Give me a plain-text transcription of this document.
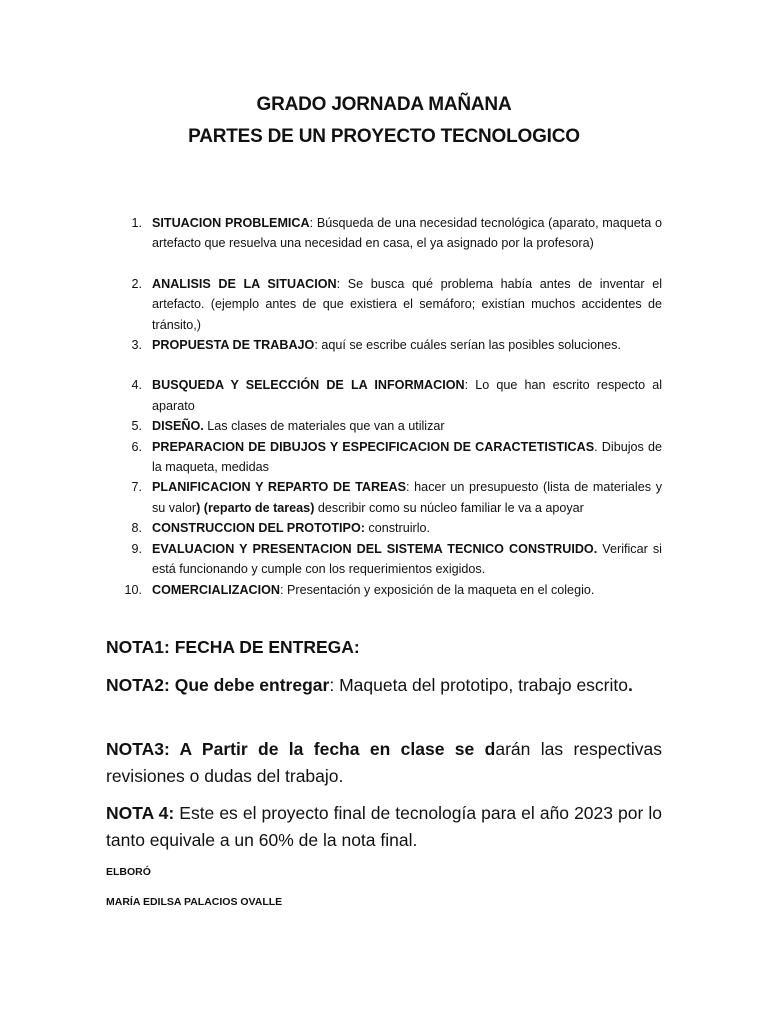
GRADO JORNADA MAÑANA
PARTES DE UN PROYECTO TECNOLOGICO
1. SITUACION PROBLEMICA: Búsqueda de una necesidad tecnológica (aparato, maqueta o artefacto que resuelva una necesidad en casa, el ya asignado por la profesora)
2. ANALISIS DE LA SITUACION: Se busca qué problema había antes de inventar el artefacto. (ejemplo antes de que existiera el semáforo; existían muchos accidentes de tránsito,)
3. PROPUESTA DE TRABAJO: aquí se escribe cuáles serían las posibles soluciones.
4. BUSQUEDA Y SELECCIÓN DE LA INFORMACION: Lo que han escrito respecto al aparato
5. DISEÑO. Las clases de materiales que van a utilizar
6. PREPARACION DE DIBUJOS Y ESPECIFICACION DE CARACTETISTICAS. Dibujos de la maqueta, medidas
7. PLANIFICACION Y REPARTO DE TAREAS: hacer un presupuesto (lista de materiales y su valor) (reparto de tareas) describir como su núcleo familiar le va a apoyar
8. CONSTRUCCION DEL PROTOTIPO: construirlo.
9. EVALUACION Y PRESENTACION DEL SISTEMA TECNICO CONSTRUIDO. Verificar si está funcionando y cumple con los requerimientos exigidos.
10. COMERCIALIZACION: Presentación y exposición de la maqueta en el colegio.
NOTA1: FECHA DE ENTREGA:
NOTA2: Que debe entregar: Maqueta del prototipo, trabajo escrito.
NOTA3: A Partir de la fecha en clase se darán las respectivas revisiones o dudas del trabajo.
NOTA 4: Este es el proyecto final de tecnología para el año 2023 por lo tanto equivale a un 60% de la nota final.
ELBORÓ
MARÍA EDILSA PALACIOS OVALLE
